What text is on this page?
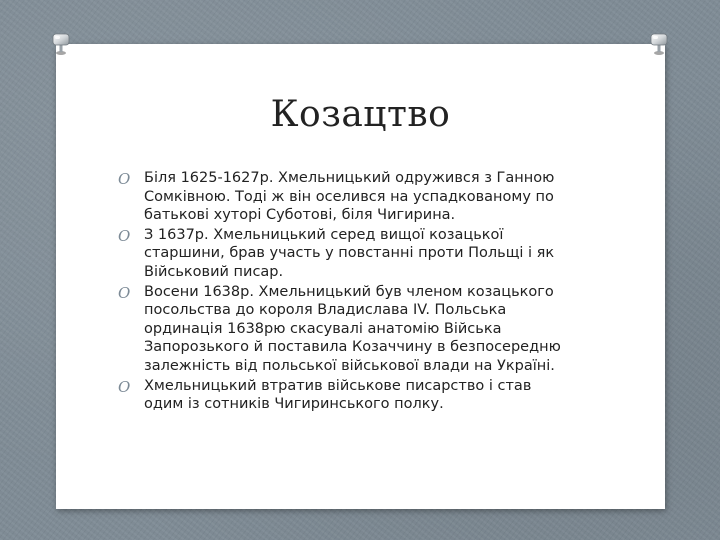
Козацтво
O Біля 1625-1627р. Хмельницький одружився з Ганною
Сомківною. Тоді ж він оселився на успадкованому по
батькові хуторі Суботові, біля Чигирина.
O З 1637р. Хмельницький серед вищої козацької
старшини, брав участь у повстанні проти Польщі і як
Військовий писар.
O Восени 1638р. Хмельницький був членом козацького
посольства до короля Владислава IV. Польська
ординація 1638рю скасувалі анатомію Війська
Запорозького й поставила Козаччину в безпосередню
залежність від польської військової влади на Україні.
O Хмельницький втратив військове писарство і став
одим із сотників Чигиринського полку.
